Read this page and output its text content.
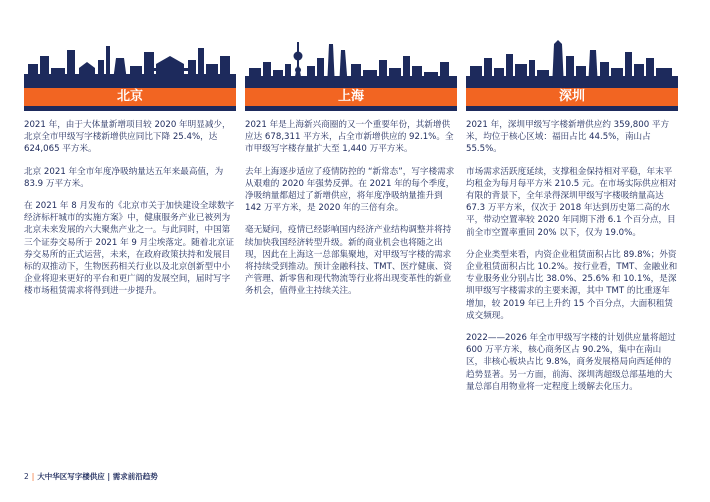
北京

2021 年，由于大体量新增项目较 2020 年明显减少，北京全市甲级写字楼新增供应同比下降 25.4%，达 624,065 平方米。

北京 2021 年全市年度净吸纳量达五年来最高值，为 83.9 万平方米。

在 2021 年 8 月发布的《北京市关于加快建设全球数字经济标杆城市的实施方案》中，健康服务产业已被列为北京未来发展的六大聚焦产业之一。与此同时，中国第三个证券交易所于 2021 年 9 月尘埃落定。随着北京证券交易所的正式运营，未来，在政府政策扶持和发展目标的双推动下，生物医药相关行业以及北京创新型中小企业将迎来更好的平台和更广阔的发展空间，届时写字楼市场租赁需求将得到进一步提升。

上海

2021 年是上海新兴商圈的又一个重要年份，其新增供应达 678,311 平方米，占全市新增供应的 92.1%。全市甲级写字楼存量扩大至 1,440 万平方米。

去年上海逐步适应了疫情防控的 “新常态”，写字楼需求从艰难的 2020 年强势反弹。在 2021 年的每个季度，净吸纳量都超过了新增供应，将年度净吸纳量推升到 142 万平方米，是 2020 年的三倍有余。

毫无疑问，疫情已经影响国内经济产业结构调整并将持续加快我国经济转型升级。新的商业机会也将随之出现，因此在上海这一总部集聚地，对甲级写字楼的需求将持续受到推动。预计金融科技、TMT、医疗健康、资产管理、新零售和现代物流等行业将出现变革性的新业务机会，值得业主持续关注。

深圳

2021 年，深圳甲级写字楼新增供应约 359,800 平方米，均位于核心区域：福田占比 44.5%，南山占 55.5%。

市场需求活跃度延续，支撑租金保持相对平稳，年末平均租金为每月每平方米 210.5 元。在市场实际供应相对有限的背景下，全年录得深圳甲级写字楼吸纳量高达 67.3 万平方米，仅次于 2018 年达到历史第二高的水平，带动空置率较 2020 年同期下滑 6.1 个百分点，目前全市空置率重回 20% 以下，仅为 19.0%。

分企业类型来看，内资企业租赁面积占比 89.8%；外资企业租赁面积占比 10.2%。按行业看，TMT、金融业和专业服务业分别占比 38.0%、25.6% 和 10.1%，是深圳甲级写字楼需求的主要来源，其中 TMT 的比重逐年增加，较 2019 年已上升约 15 个百分点，大面积租赁成交频现。

2022——2026 年全市甲级写字楼的计划供应量将超过 600 万平方米，核心商务区占 90.2%，集中在南山区，非核心板块占比 9.8%，商务发展格局向西延伸的趋势显著。另一方面，前海、深圳湾超级总部基地的大量总部自用物业将一定程度上缓解去化压力。

2 | 大中华区写字楼供应 | 需求前沿趋势
